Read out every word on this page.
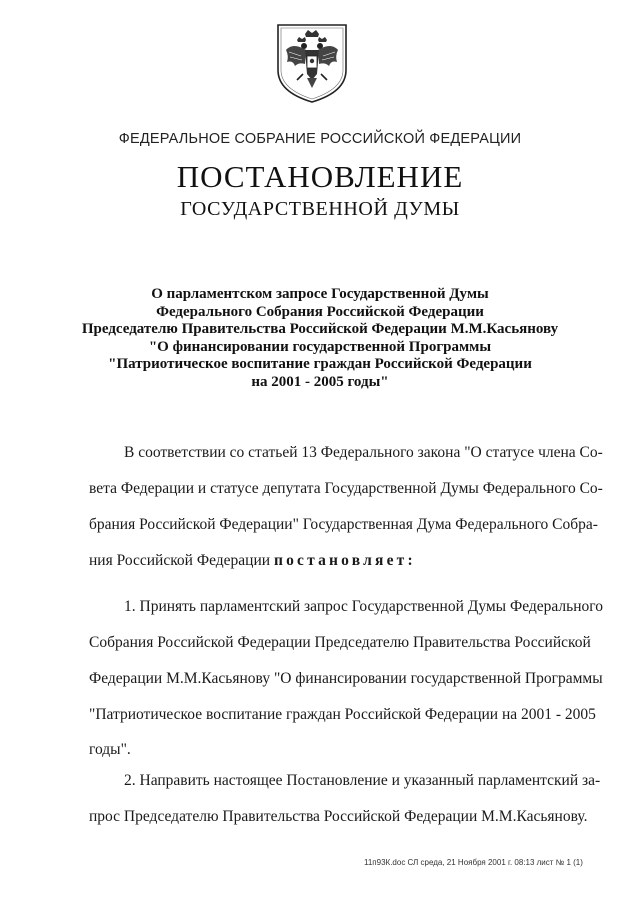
ФЕДЕРАЛЬНОЕ СОБРАНИЕ РОССИЙСКОЙ ФЕДЕРАЦИИ
ПОСТАНОВЛЕНИЕ
ГОСУДАРСТВЕННОЙ ДУМЫ
О парламентском запросе Государственной Думы
Федерального Собрания Российской Федерации
Председателю Правительства Российской Федерации М.М.Касьянову
"О финансировании государственной Программы
"Патриотическое воспитание граждан Российской Федерации
на 2001 - 2005 годы"
В соответствии со статьей 13 Федерального закона "О статусе члена Со-
вета Федерации и статусе депутата Государственной Думы Федерального Со-
брания Российской Федерации" Государственная Дума Федерального Собра-
ния Российской Федерации постановляет:
1. Принять парламентский запрос Государственной Думы Федерального
Собрания Российской Федерации Председателю Правительства Российской
Федерации М.М.Касьянову "О финансировании государственной Программы
"Патриотическое воспитание граждан Российской Федерации на 2001 - 2005
годы".
2. Направить настоящее Постановление и указанный парламентский за-
прос Председателю Правительства Российской Федерации М.М.Касьянову.
11п93К.doc СЛ среда, 21 Ноября 2001 г. 08:13 лист № 1 (1)
